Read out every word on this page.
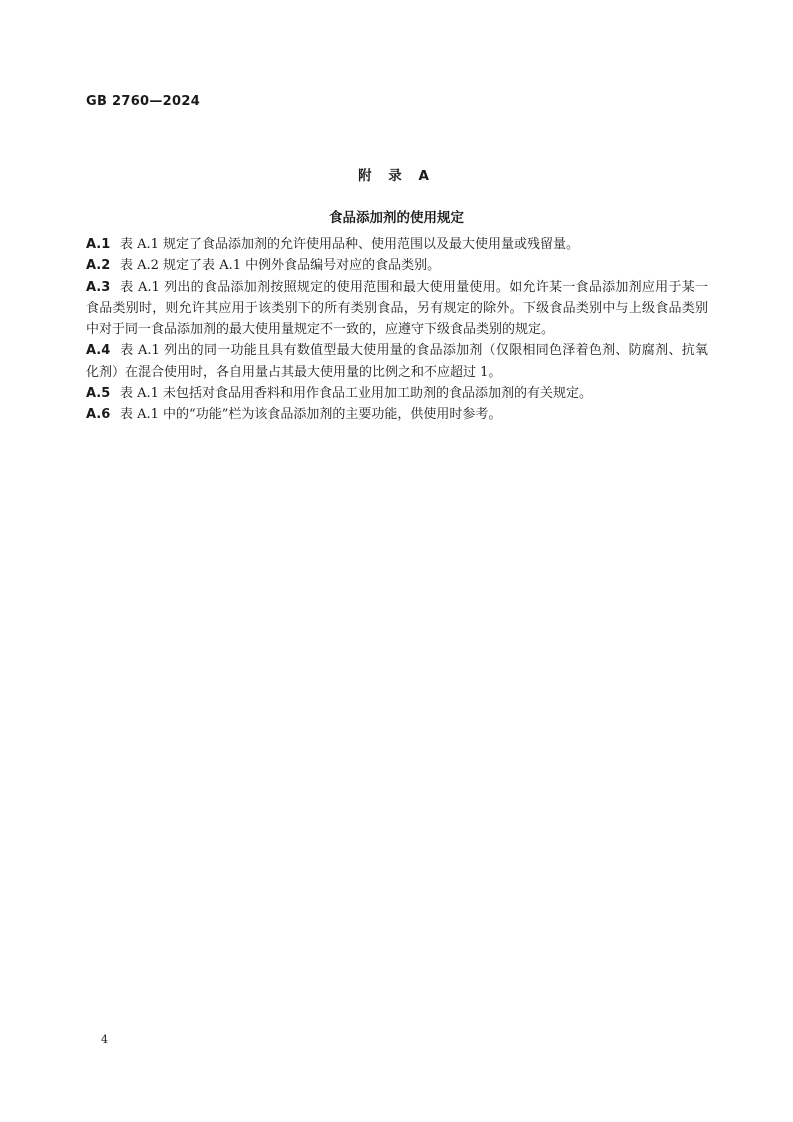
GB 2760—2024
附 录 A
食品添加剂的使用规定

A.1 表 A.1 规定了食品添加剂的允许使用品种、使用范围以及最大使用量或残留量。

A.2 表 A.2 规定了表 A.1 中例外食品编号对应的食品类别。

A.3 表 A.1 列出的食品添加剂按照规定的使用范围和最大使用量使用。如允许某一食品添加剂应用于某一食品类别时，则允许其应用于该类别下的所有类别食品，另有规定的除外。下级食品类别中与上级食品类别中对于同一食品添加剂的最大使用量规定不一致的，应遵守下级食品类别的规定。

A.4 表 A.1 列出的同一功能且具有数值型最大使用量的食品添加剂（仅限相同色泽着色剂、防腐剂、抗氧化剂）在混合使用时，各自用量占其最大使用量的比例之和不应超过 1。

A.5 表 A.1 未包括对食品用香料和用作食品工业用加工助剂的食品添加剂的有关规定。

A.6 表 A.1 中的“功能”栏为该食品添加剂的主要功能，供使用时参考。

4
